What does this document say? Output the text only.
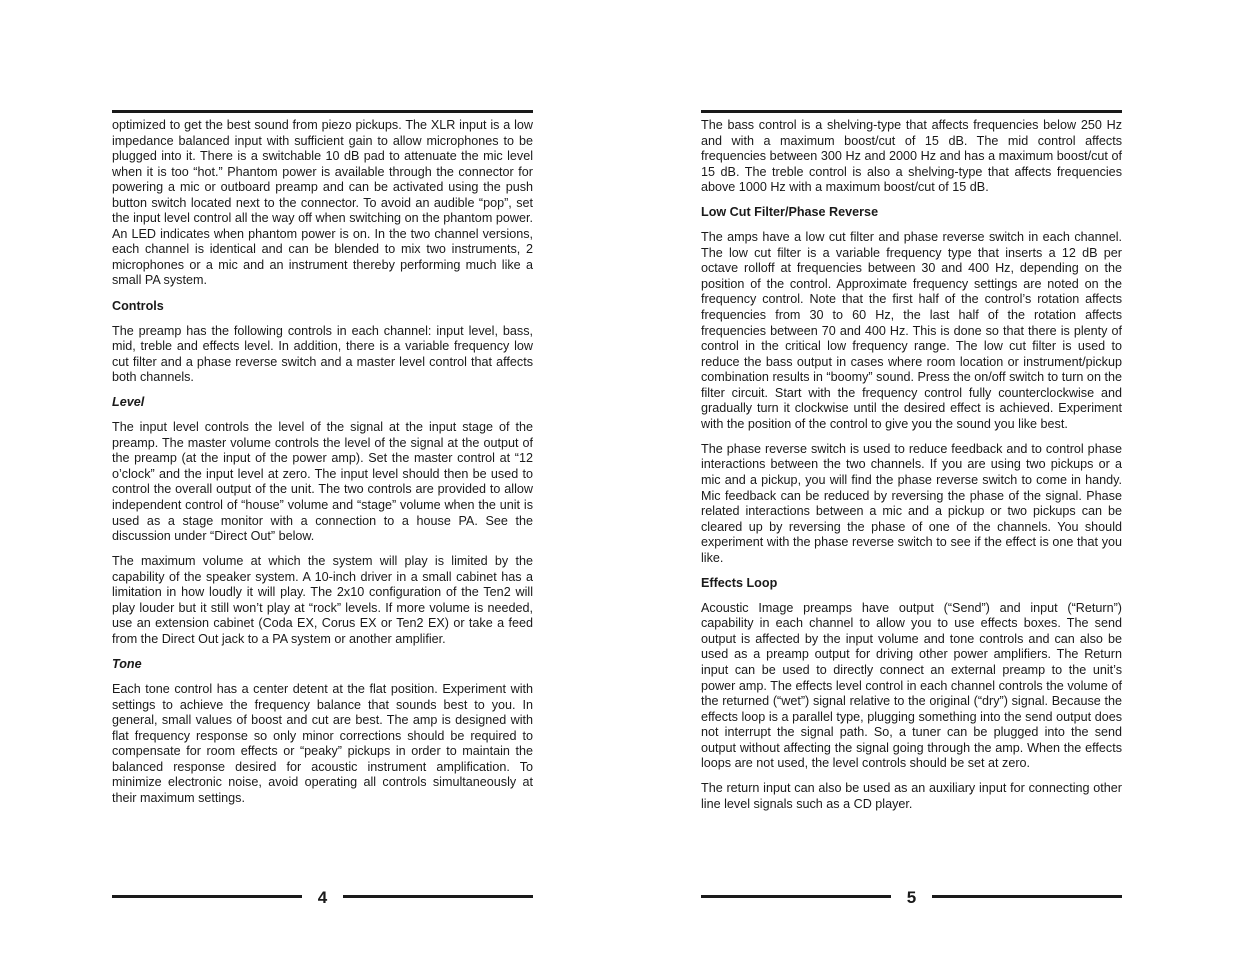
optimized to get the best sound from piezo pickups. The XLR input is a low impedance balanced input with sufficient gain to allow microphones to be plugged into it. There is a switchable 10 dB pad to attenuate the mic level when it is too “hot.” Phantom power is available through the connector for powering a mic or outboard preamp and can be activated using the push button switch located next to the connector. To avoid an audible “pop”, set the input level control all the way off when switching on the phantom power. An LED indicates when phantom power is on. In the two channel versions, each channel is identical and can be blended to mix two instruments, 2 microphones or a mic and an instrument thereby performing much like a small PA system.

Controls

The preamp has the following controls in each channel: input level, bass, mid, treble and effects level. In addition, there is a variable frequency low cut filter and a phase reverse switch and a master level control that affects both channels.

Level

The input level controls the level of the signal at the input stage of the preamp. The master volume controls the level of the signal at the output of the preamp (at the input of the power amp). Set the master control at “12 o’clock” and the input level at zero. The input level should then be used to control the overall output of the unit. The two controls are provided to allow independent control of “house” volume and “stage” volume when the unit is used as a stage monitor with a connection to a house PA. See the discussion under “Direct Out” below.

The maximum volume at which the system will play is limited by the capability of the speaker system. A 10-inch driver in a small cabinet has a limitation in how loudly it will play. The 2x10 configuration of the Ten2 will play louder but it still won’t play at “rock” levels. If more volume is needed, use an extension cabinet (Coda EX, Corus EX or Ten2 EX) or take a feed from the Direct Out jack to a PA system or another amplifier.

Tone

Each tone control has a center detent at the flat position. Experiment with settings to achieve the frequency balance that sounds best to you. In general, small values of boost and cut are best. The amp is designed with flat frequency response so only minor corrections should be required to compensate for room effects or “peaky” pickups in order to maintain the balanced response desired for acoustic instrument amplification. To minimize electronic noise, avoid operating all controls simultaneously at their maximum settings.

4

The bass control is a shelving-type that affects frequencies below 250 Hz and with a maximum boost/cut of 15 dB. The mid control affects frequencies between 300 Hz and 2000 Hz and has a maximum boost/cut of 15 dB. The treble control is also a shelving-type that affects frequencies above 1000 Hz with a maximum boost/cut of 15 dB.

Low Cut Filter/Phase Reverse

The amps have a low cut filter and phase reverse switch in each channel. The low cut filter is a variable frequency type that inserts a 12 dB per octave rolloff at frequencies between 30 and 400 Hz, depending on the position of the control. Approximate frequency settings are noted on the frequency control. Note that the first half of the control’s rotation affects frequencies from 30 to 60 Hz, the last half of the rotation affects frequencies between 70 and 400 Hz. This is done so that there is plenty of control in the critical low frequency range. The low cut filter is used to reduce the bass output in cases where room location or instrument/pickup combination results in “boomy” sound. Press the on/off switch to turn on the filter circuit. Start with the frequency control fully counterclockwise and gradually turn it clockwise until the desired effect is achieved. Experiment with the position of the control to give you the sound you like best.

The phase reverse switch is used to reduce feedback and to control phase interactions between the two channels. If you are using two pickups or a mic and a pickup, you will find the phase reverse switch to come in handy. Mic feedback can be reduced by reversing the phase of the signal. Phase related interactions between a mic and a pickup or two pickups can be cleared up by reversing the phase of one of the channels. You should experiment with the phase reverse switch to see if the effect is one that you like.

Effects Loop

Acoustic Image preamps have output (“Send”) and input (“Return”) capability in each channel to allow you to use effects boxes. The send output is affected by the input volume and tone controls and can also be used as a preamp output for driving other power amplifiers. The Return input can be used to directly connect an external preamp to the unit’s power amp. The effects level control in each channel controls the volume of the returned (“wet”) signal relative to the original (“dry”) signal. Because the effects loop is a parallel type, plugging something into the send output does not interrupt the signal path. So, a tuner can be plugged into the send output without affecting the signal going through the amp. When the effects loops are not used, the level controls should be set at zero.

The return input can also be used as an auxiliary input for connecting other line level signals such as a CD player.

5
